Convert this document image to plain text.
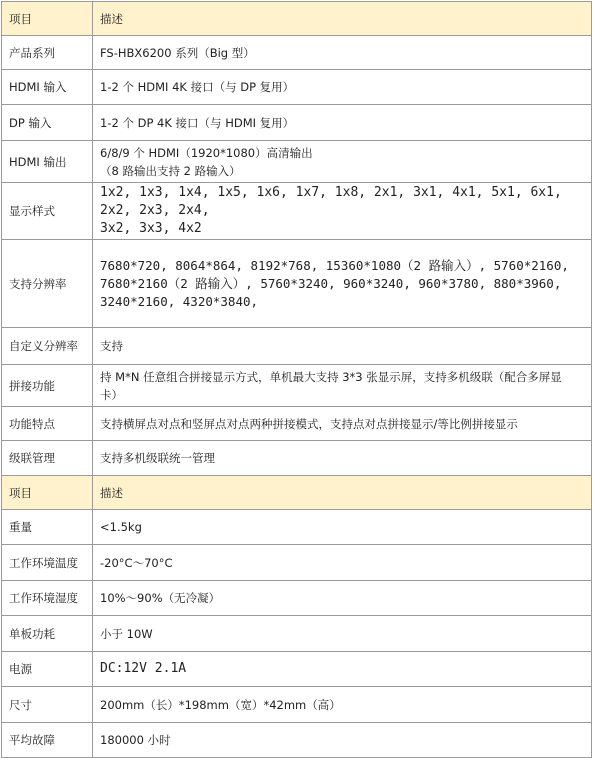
项目	描述
产品系列	FS-HBX6200 系列（Big 型）

HDMI 输入	1-2 个 HDMI 4K 接口（与 DP 复用）

DP 输入	1-2 个 DP 4K 接口（与 HDMI 复用）

HDMI 输出	6/8/9 个 HDMI（1920*1080）高清输出
（8 路输出支持 2 路输入）

显示样式	1x2, 1x3, 1x4, 1x5, 1x6, 1x7, 1x8, 2x1, 3x1, 4x1, 5x1, 6x1, 2x2, 2x3, 2x4,
3x2, 3x3, 4x2

支持分辨率	7680*720, 8064*864, 8192*768, 15360*1080（2 路输入）, 5760*2160,
7680*2160（2 路输入）, 5760*3240, 960*3240, 960*3780, 880*3960,
3240*2160, 4320*3840,

自定义分辨率	支持

拼接功能	持 M*N 任意组合拼接显示方式，单机最大支持 3*3 张显示屏，支持多机级联（配合多屏显
卡）

功能特点	支持横屏点对点和竖屏点对点两种拼接模式，支持点对点拼接显示/等比例拼接显示

级联管理	支持多机级联统一管理

项目	描述
重量	<1.5kg

工作环境温度	-20°C～70°C

工作环境湿度	10%～90%（无冷凝）

单板功耗	小于 10W

电源	DC:12V 2.1A

尺寸	200mm（长）*198mm（宽）*42mm（高）

平均故障	180000 小时
